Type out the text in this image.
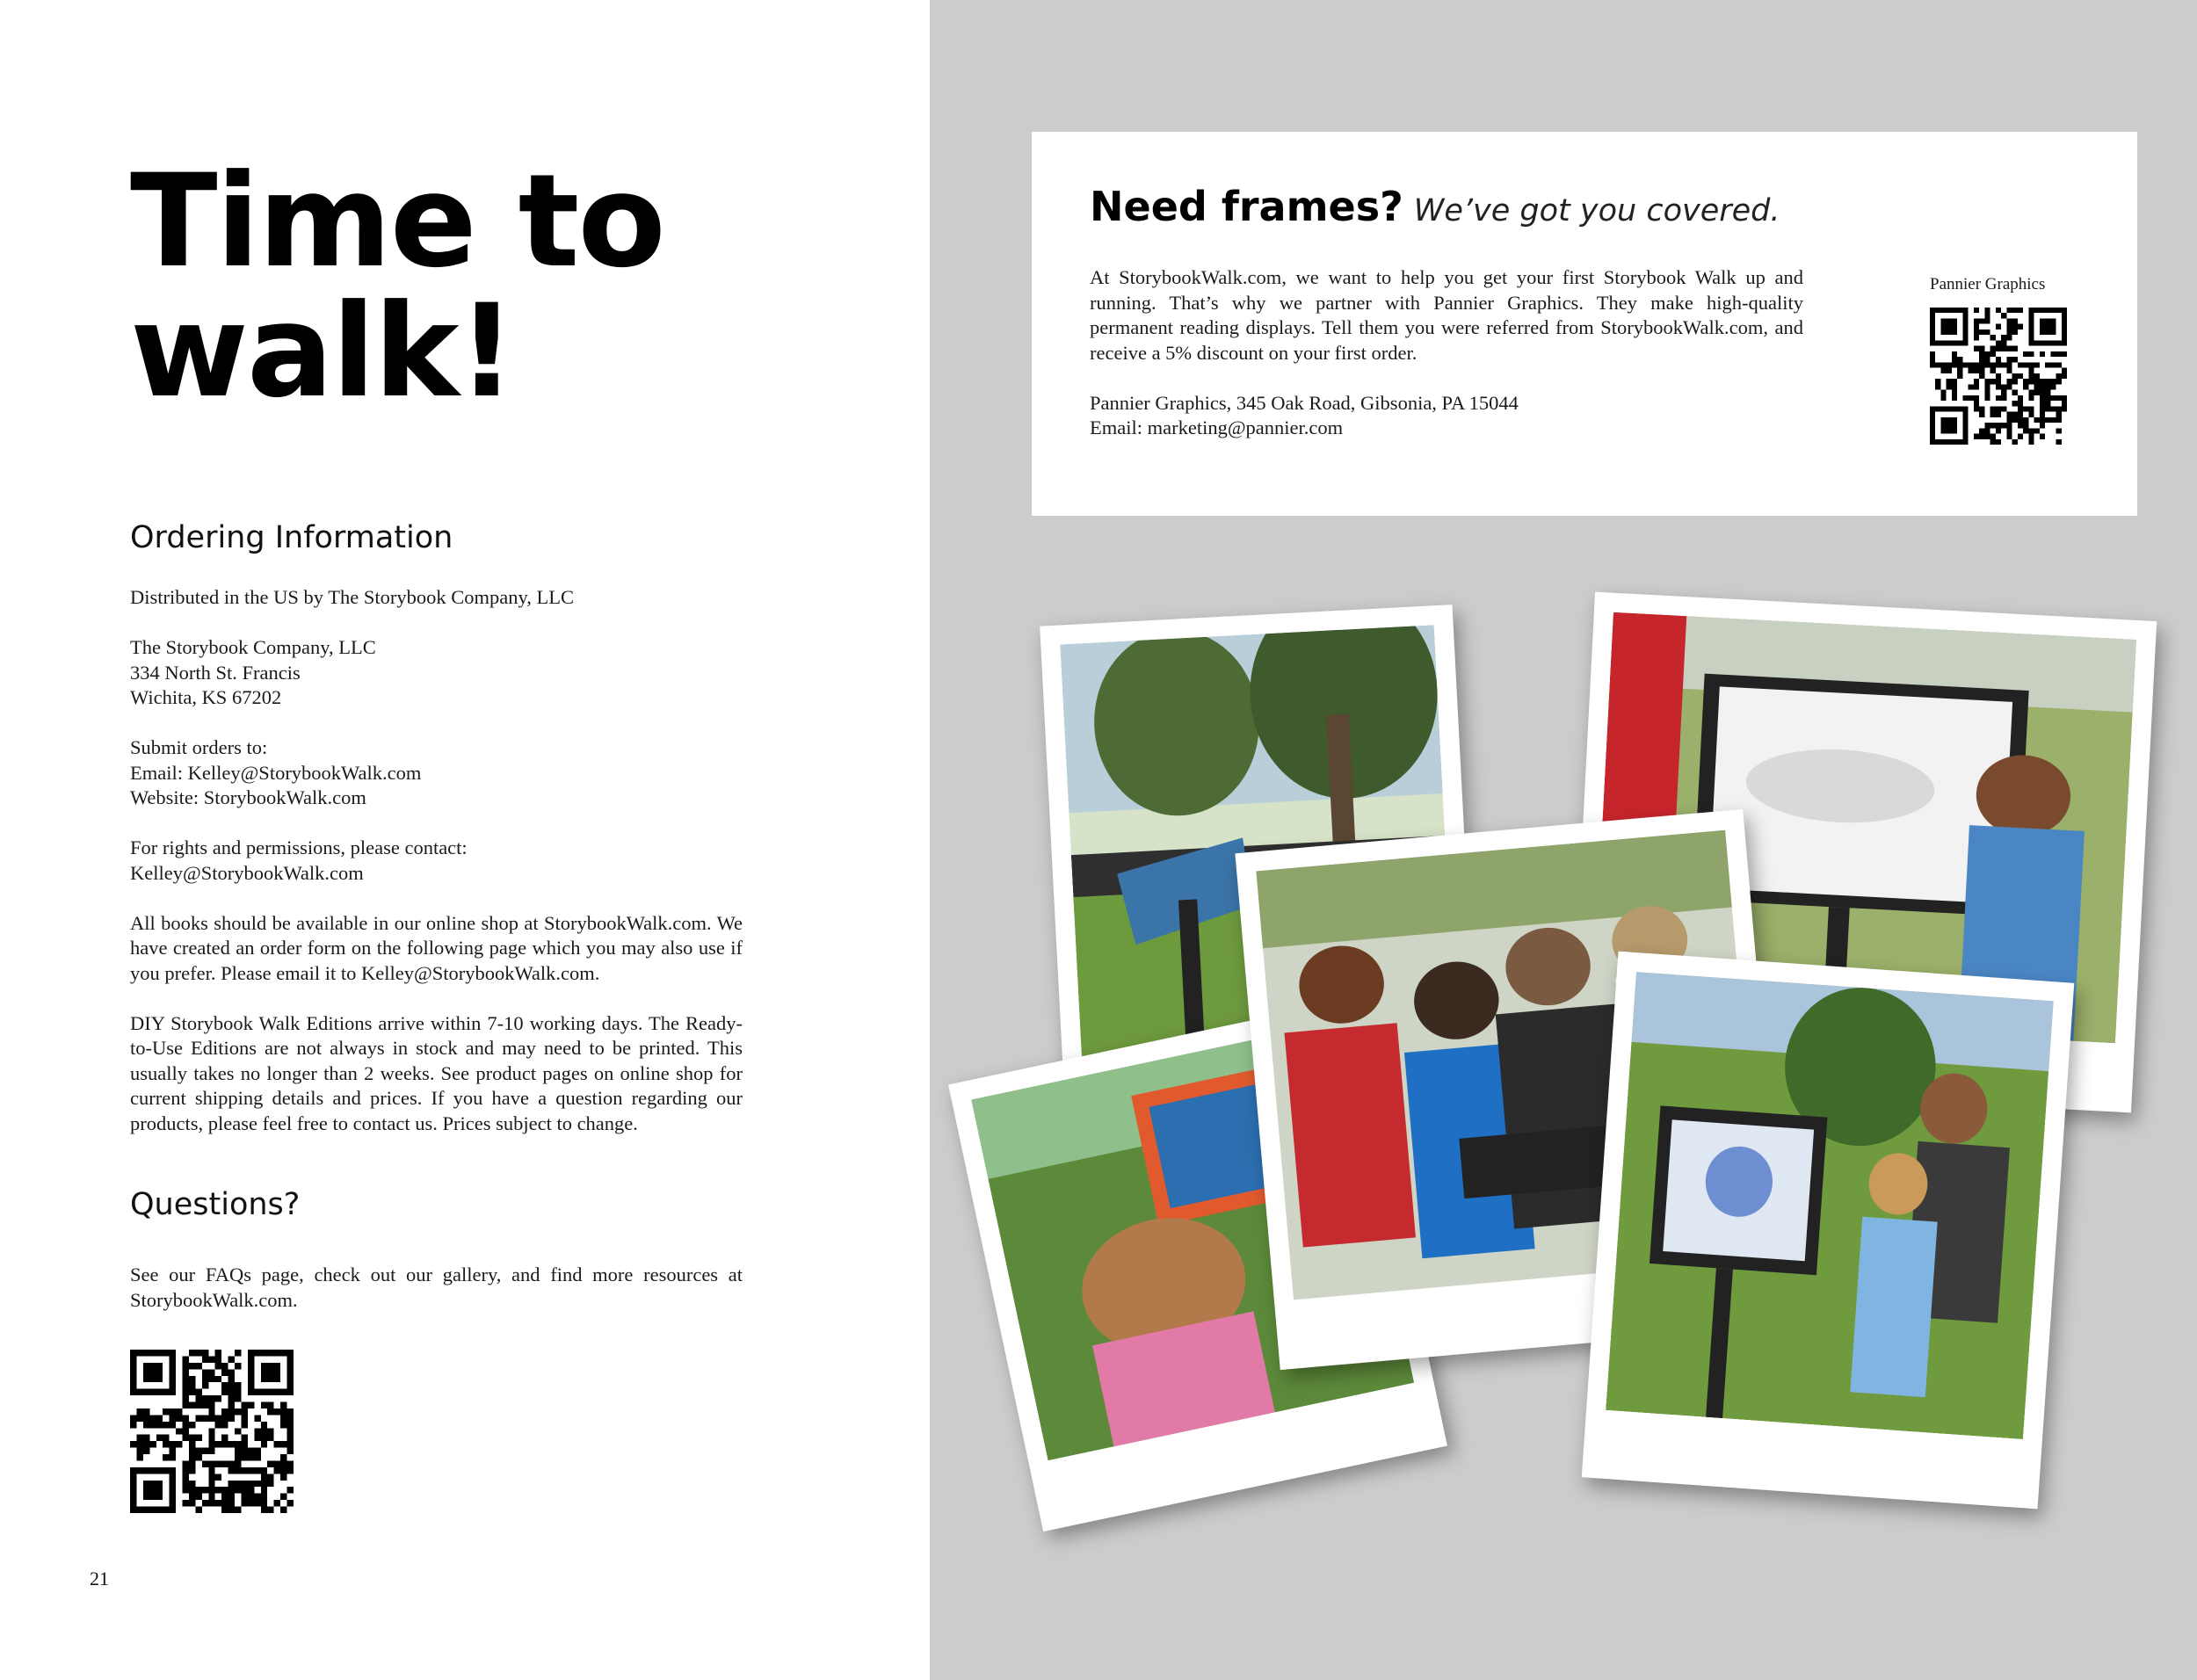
Time to
walk!
Ordering Information

Distributed in the US by The Storybook Company, LLC

The Storybook Company, LLC
334 North St. Francis
Wichita, KS 67202

Submit orders to:
Email: Kelley@StorybookWalk.com
Website: StorybookWalk.com

For rights and permissions, please contact:
Kelley@StorybookWalk.com

All books should be available in our online shop at StorybookWalk.com. We have created an order form on the following page which you may also use if you prefer. Please email it to Kelley@StorybookWalk.com.

DIY Storybook Walk Editions arrive within 7-10 working days. The Ready-to-Use Editions are not always in stock and may need to be printed. This usually takes no longer than 2 weeks. See product pages on online shop for current shipping details and prices. If you have a question regarding our products, please feel free to contact us. Prices subject to change.

Questions?

See our FAQs page, check out our gallery, and find more resources at StorybookWalk.com.

21
Need frames? We’ve got you covered.

At StorybookWalk.com, we want to help you get your first Storybook Walk up and running. That’s why we partner with Pannier Graphics. They make high-quality permanent reading displays. Tell them you were referred from StorybookWalk.com, and receive a 5% discount on your first order.

Pannier Graphics, 345 Oak Road, Gibsonia, PA 15044
Email: marketing@pannier.com

Pannier Graphics
